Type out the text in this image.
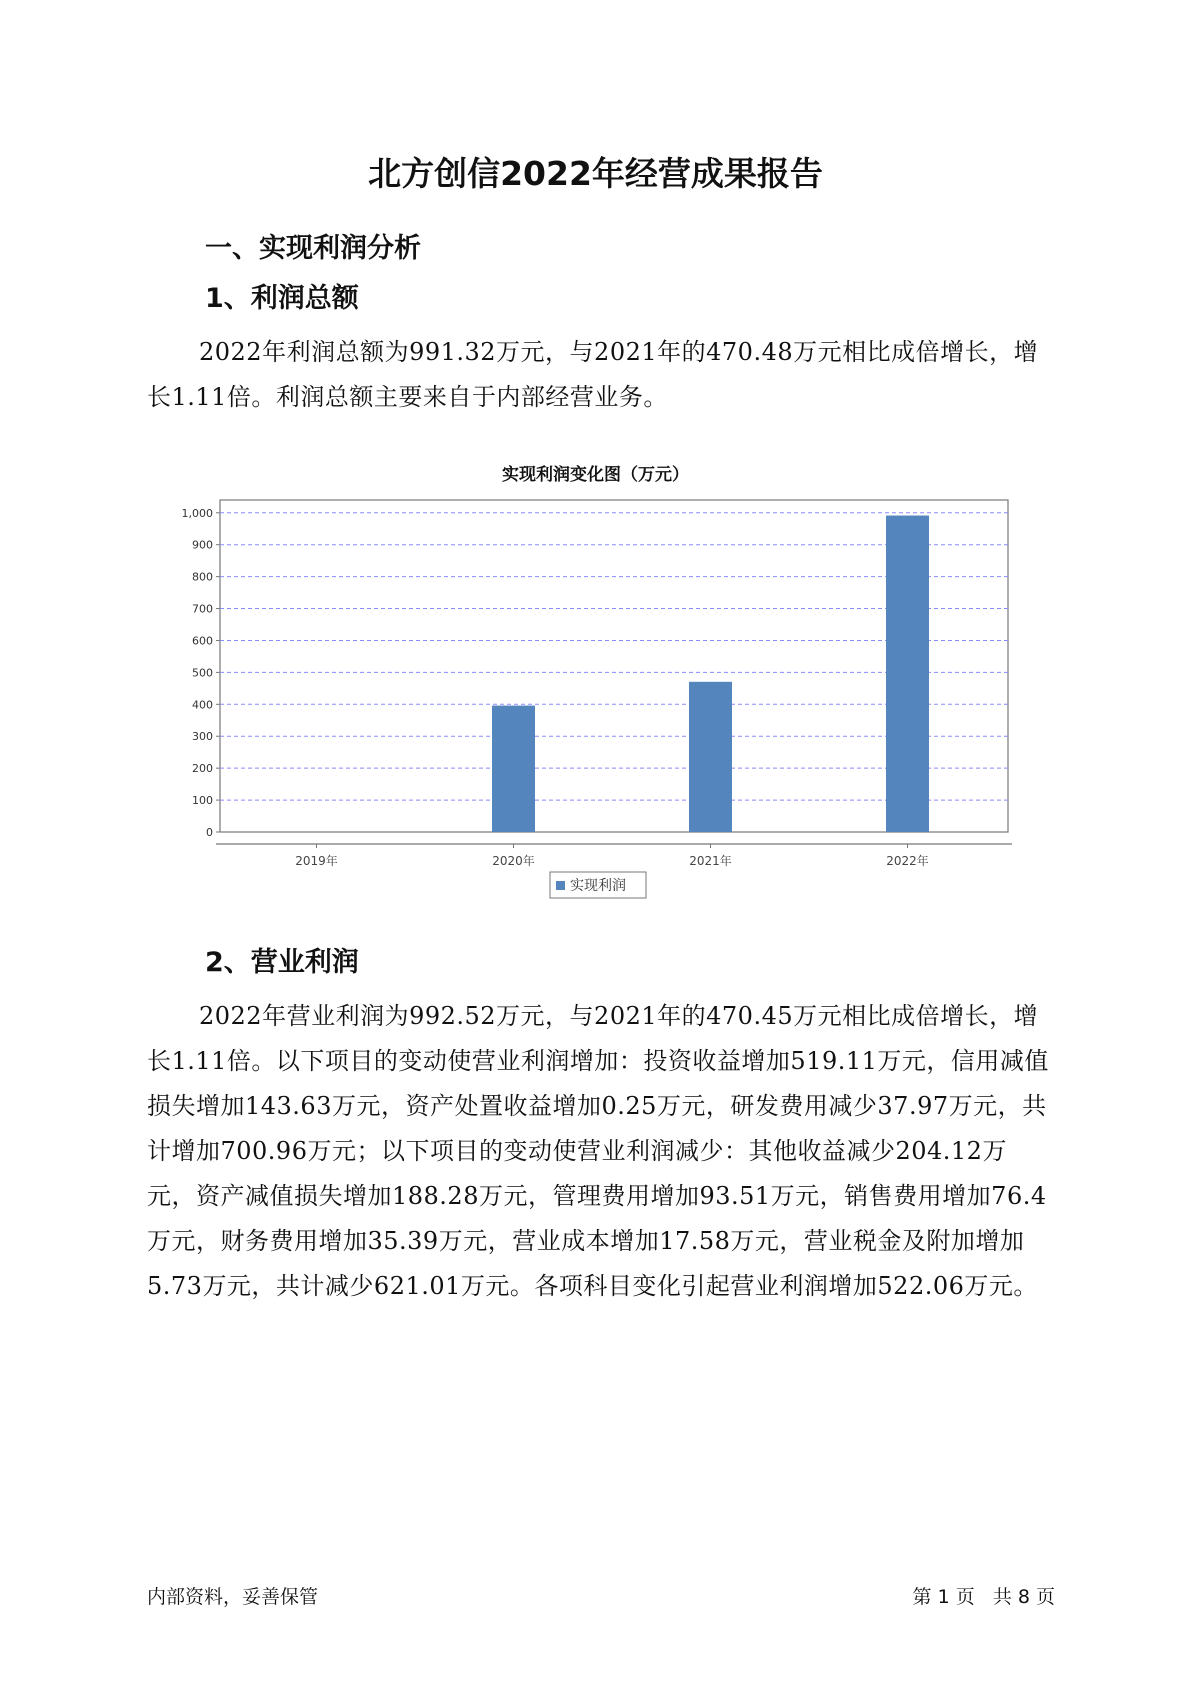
北方创信2022年经营成果报告
一、实现利润分析
1、利润总额

2022年利润总额为991.32万元，与2021年的470.48万元相比成倍增长，增长1.11倍。利润总额主要来自于内部经营业务。

实现利润变化图（万元）
0
100
200
300
400
500
600
700
800
900
1,000
2019年	2020年	2021年	2022年
实现利润
2、营业利润

2022年营业利润为992.52万元，与2021年的470.45万元相比成倍增长，增长1.11倍。以下项目的变动使营业利润增加：投资收益增加519.11万元，信用减值损失增加143.63万元，资产处置收益增加0.25万元，研发费用减少37.97万元，共计增加700.96万元；以下项目的变动使营业利润减少：其他收益减少204.12万元，资产减值损失增加188.28万元，管理费用增加93.51万元，销售费用增加76.4万元，财务费用增加35.39万元，营业成本增加17.58万元，营业税金及附加增加5.73万元，共计减少621.01万元。各项科目变化引起营业利润增加522.06万元。

内部资料，妥善保管	第 1 页   共 8 页
